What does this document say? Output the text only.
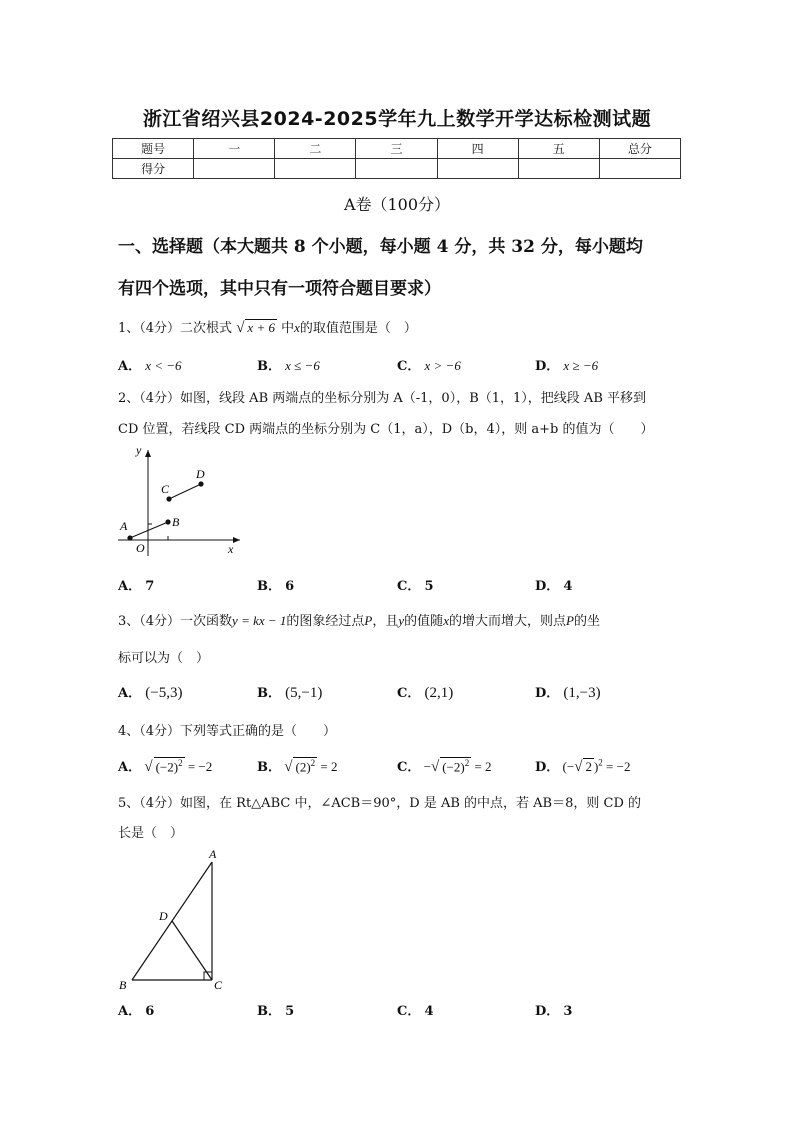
浙江省绍兴县2024-2025学年九上数学开学达标检测试题
题号	一	二	三	四	五	总分
得分						
A卷（100分）
一、选择题（本大题共 8 个小题，每小题 4 分，共 32 分，每小题均
有四个选项，其中只有一项符合题目要求）
1、（4分）二次根式 √ x + 6 中x的取值范围是（　）
A． x < −6	B． x ≤ −6	C． x > −6	D． x ≥ −6
2、（4分）如图，线段 AB 两端点的坐标分别为 A（-1，0），B（1，1），把线段 AB 平移到
CD 位置，若线段 CD 两端点的坐标分别为 C（1，a），D（b，4），则 a+b 的值为（　　）
y
x
O
A	B
C
D
A． 7	B． 6	C． 5	D． 4
3、（4分）一次函数y = kx − 1的图象经过点P，且y的值随x的增大而增大，则点P的坐
标可以为（　）
A． (−5,3)	B． (5,−1)	C． (2,1)	D． (1,−3)
4、（4分）下列等式正确的是（　　）
A． √ $(-2)^2 = -2$	B． √ $(2)^2 = 2$	C． −√ $(-2)^2 = 2$	D． (−√ 2 )$^2$ = −2
5、（4分）如图，在 Rt△ABC 中，∠ACB＝90°，D 是 AB 的中点，若 AB＝8，则 CD 的
长是（　）
A
B	C
D
A． 6	B． 5	C． 4	D． 3
